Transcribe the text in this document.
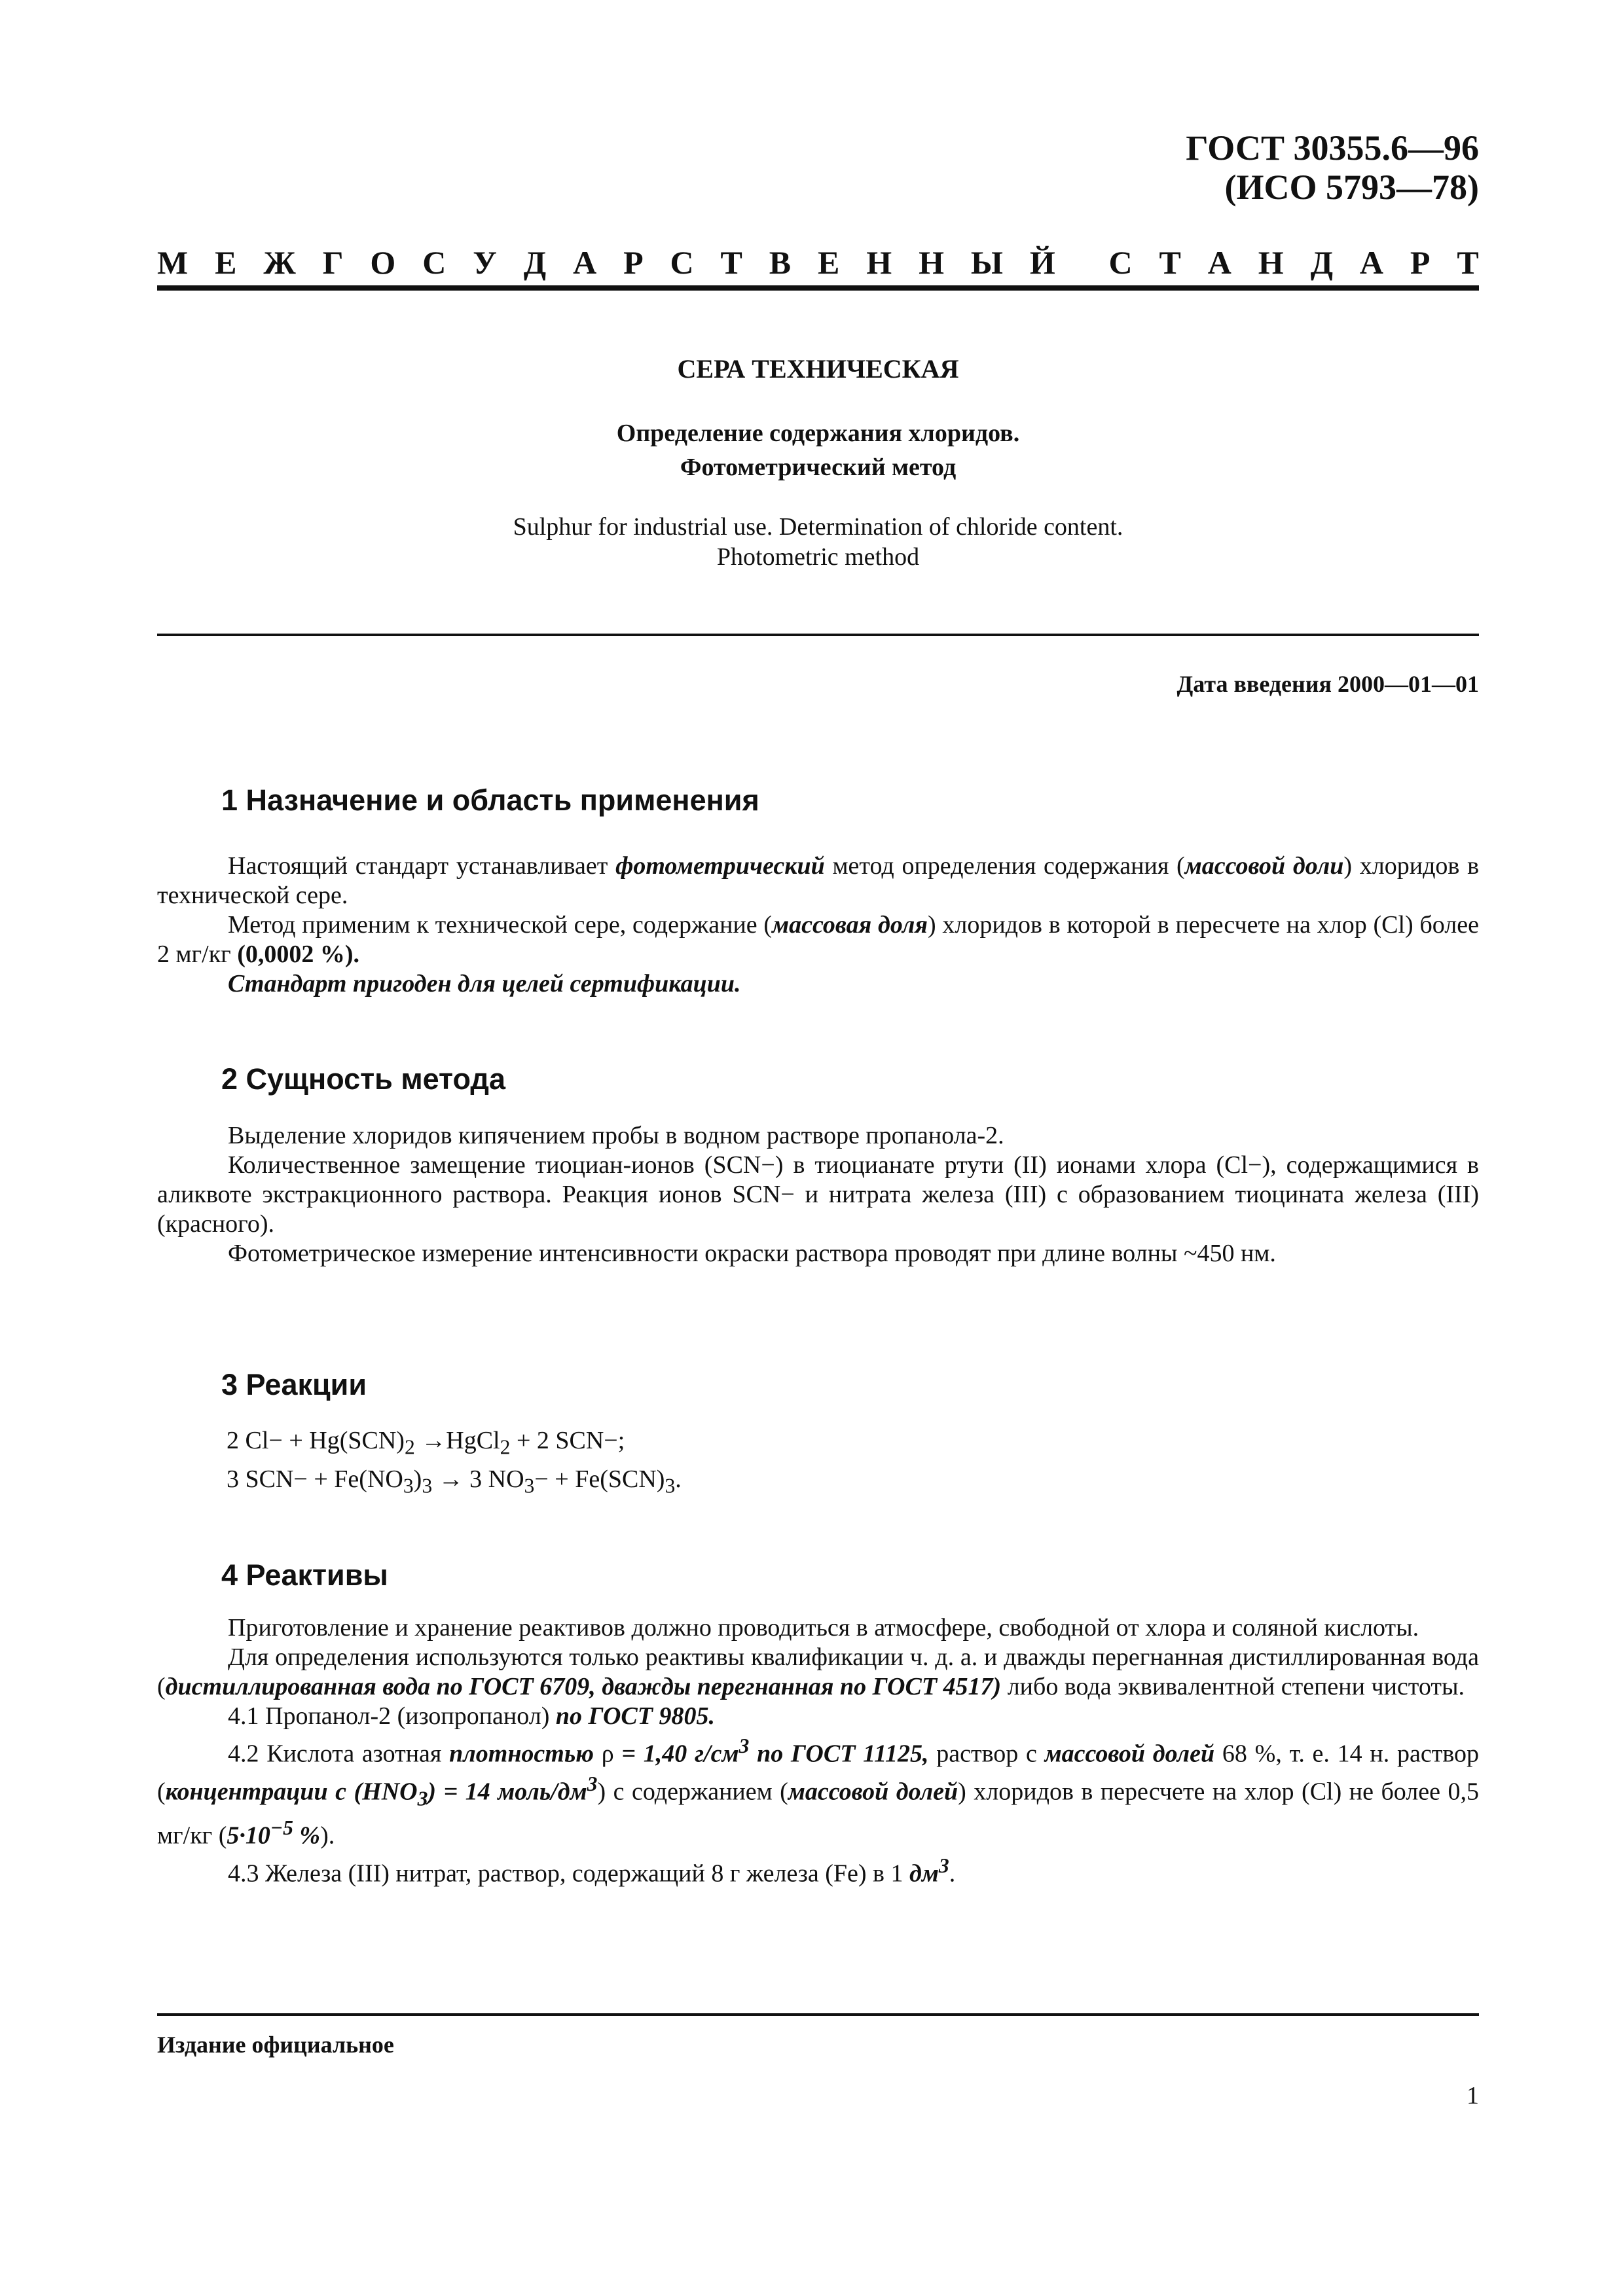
ГОСТ 30355.6—96
(ИСО 5793—78)
М Е Ж Г О С У Д А Р С Т В Е Н Н Ы Й С Т А Н Д А Р Т
СЕРА ТЕХНИЧЕСКАЯ
Определение содержания хлоридов.
Фотометрический метод
Sulphur for industrial use. Determination of chloride content.
Photometric method
Дата введения 2000—01—01
1 Назначение и область применения

Настоящий стандарт устанавливает фотометрический метод определения содержания (массовой доли) хлоридов в технической сере.

Метод применим к технической сере, содержание (массовая доля) хлоридов в которой в пересчете на хлор (Cl) более 2 мг/кг (0,0002 %).

Стандарт пригоден для целей сертификации.

2 Сущность метода

Выделение хлоридов кипячением пробы в водном растворе пропанола-2.

Количественное замещение тиоциан-ионов (SCN−) в тиоцианате ртути (II) ионами хлора (Cl−), содержащимися в аликвоте экстракционного раствора. Реакция ионов SCN− и нитрата железа (III) с образованием тиоцината железа (III) (красного).

Фотометрическое измерение интенсивности окраски раствора проводят при длине волны ~450 нм.

3 Реакции
2 $Cl- + Hg(SCN)_2$ →HgCl$_2$ + 2 SCN−;
3 $SCN- + Fe(NO_3)_3 \to 3$ $NO_3- + Fe(SCN)_3$.
4 Реактивы

Приготовление и хранение реактивов должно проводиться в атмосфере, свободной от хлора и соляной кислоты.

Для определения используются только реактивы квалификации ч. д. а. и дважды перегнанная дистиллированная вода (дистиллированная вода по ГОСТ 6709, дважды перегнанная по ГОСТ 4517) либо вода эквивалентной степени чистоты.

4.1 Пропанол-2 (изопропанол) по ГОСТ 9805.

4.2 Кислота азотная плотностью ρ = 1,40 $г/см^3$ по ГОСТ 11125, раствор с массовой долей 68 %, т. е. 14 н. раствор (концентрации с $(HNO_3) = 14$ моль/$дм^3$) с содержанием (массовой долей) хлоридов в пересчете на хлор (Cl) не более 0,5 мг/кг ($5\cdot 10^{-5}$ %).

4.3 Железа (III) нитрат, раствор, содержащий 8 г железа (Fe) в 1 $дм^3$.

Издание официальное
1
